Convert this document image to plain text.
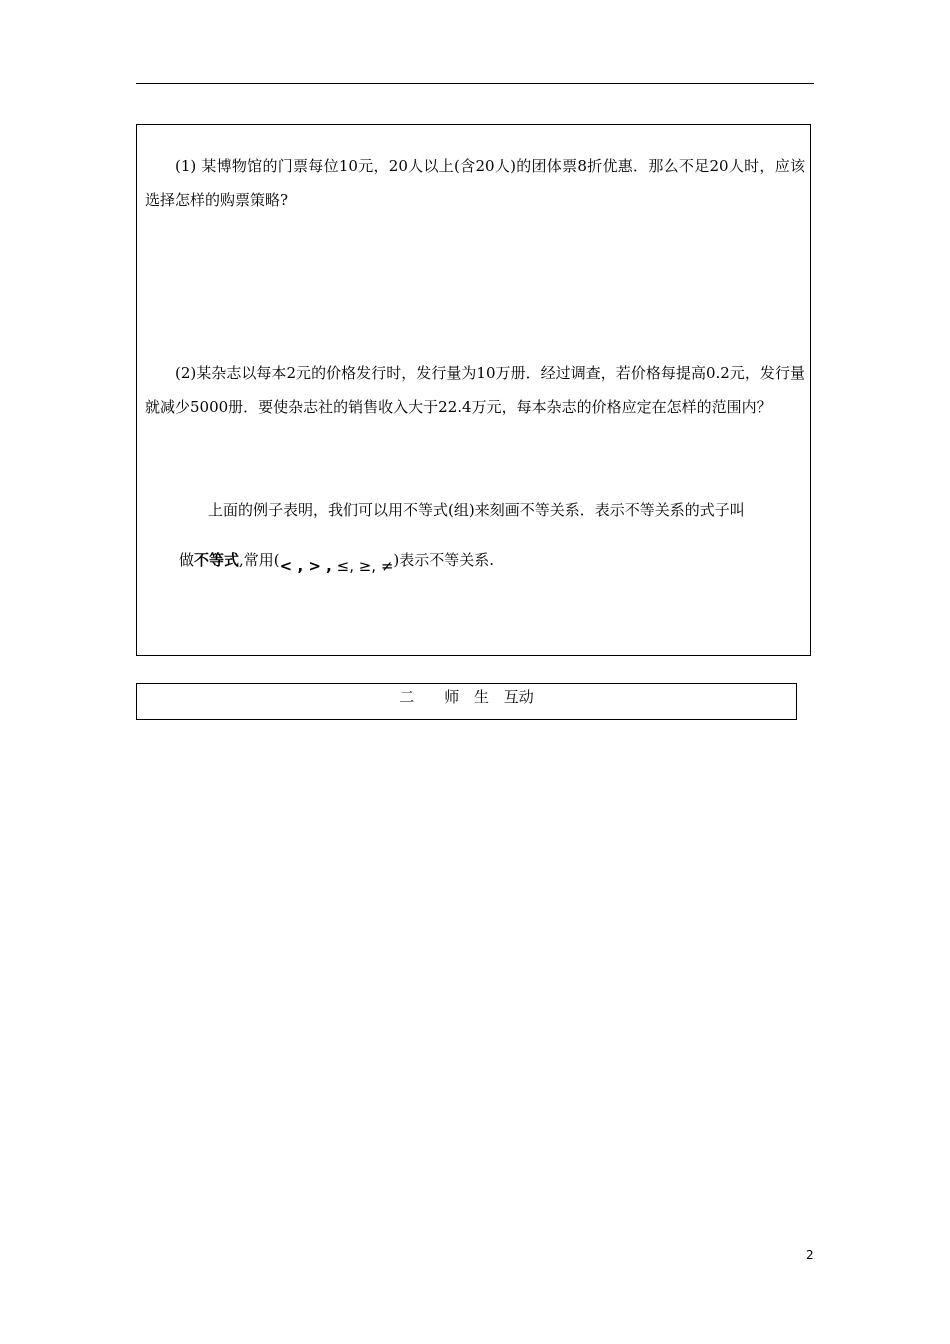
(1) 某博物馆的门票每位10元，20人以上(含20人)的团体票8折优惠．那么不足20人时，应该选择怎样的购票策略?
(2)某杂志以每本2元的价格发行时，发行量为10万册．经过调查，若价格每提高0.2元，发行量就减少5000册．要使杂志社的销售收入大于22.4万元，每本杂志的价格应定在怎样的范围内？
上面的例子表明，我们可以用不等式(组)来刻画不等关系．表示不等关系的式子叫
做不等式,常用(< , > , ≤, ≥, ≠)表示不等关系.
二　　师 生 互动
2
